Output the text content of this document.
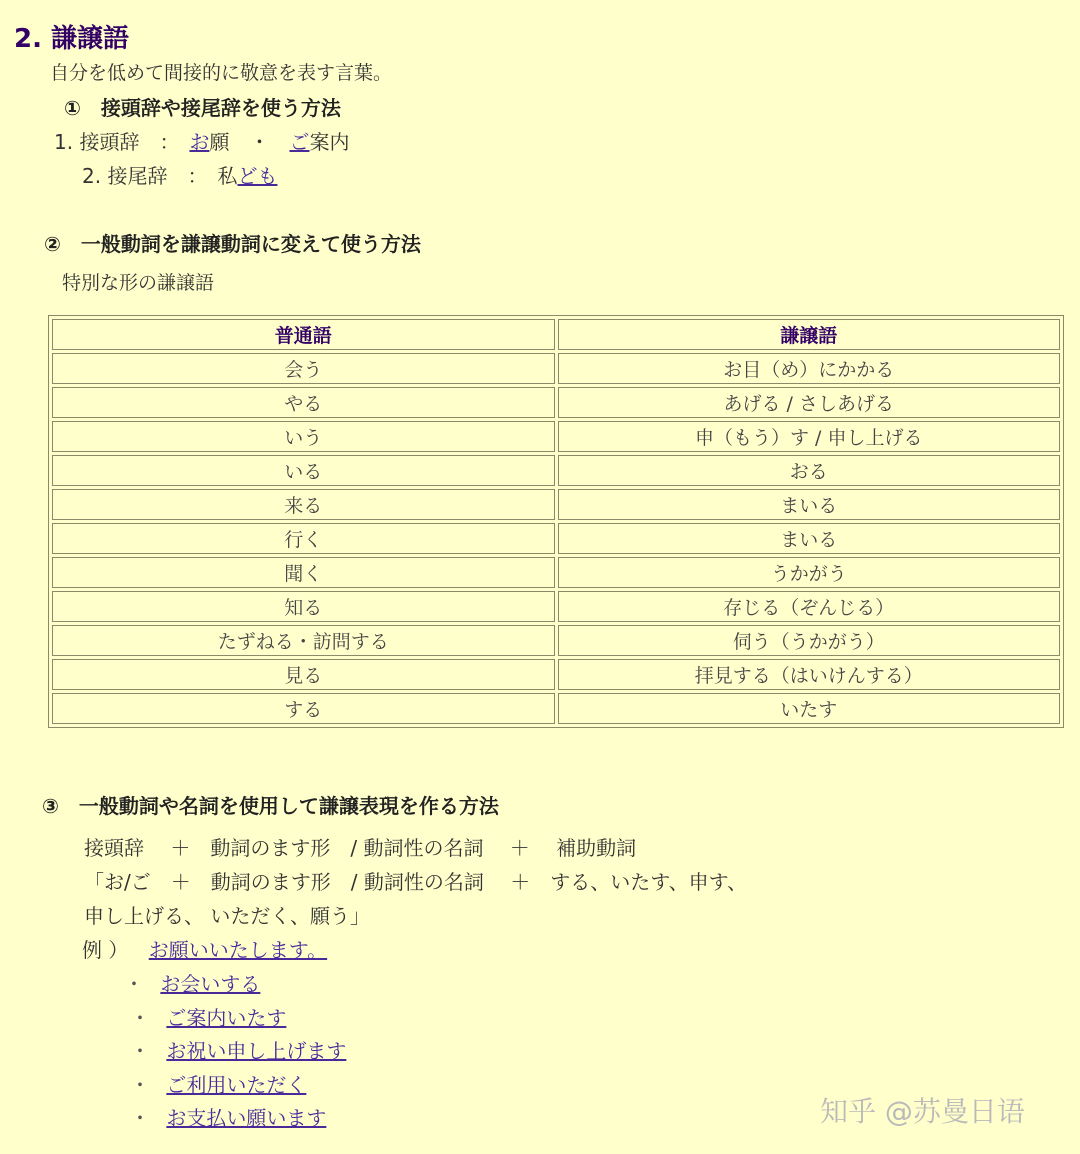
2. 謙譲語
自分を低めて間接的に敬意を表す言葉。
①　接頭辞や接尾辞を使う方法
1. 接頭辞　：　お願　・　ご案内
2. 接尾辞　：　私ども
②　一般動詞を謙譲動詞に変えて使う方法
特別な形の謙譲語
普通語	謙譲語
会う	お目（め）にかかる
やる	あげる / さしあげる
いう	申（もう）す / 申し上げる
いる	おる
来る	まいる
行く	まいる
聞く	うかがう
知る	存じる（ぞんじる）
たずねる・訪問する	伺う（うかがう）
見る	拝見する（はいけんする）
する	いたす
③　一般動詞や名詞を使用して謙譲表現を作る方法
接頭辞　 ＋　動詞のます形　/ 動詞性の名詞　 ＋　 補助動詞
「お/ご　＋　動詞のます形　/ 動詞性の名詞　 ＋　する、いたす、申す、
申し上げる、 いただく、願う」
例 ） お願いいたします。
・ お会いする
・ ご案内いたす
・ お祝い申し上げます
・ ご利用いただく
・ お支払い願います	知乎 @苏曼日语
